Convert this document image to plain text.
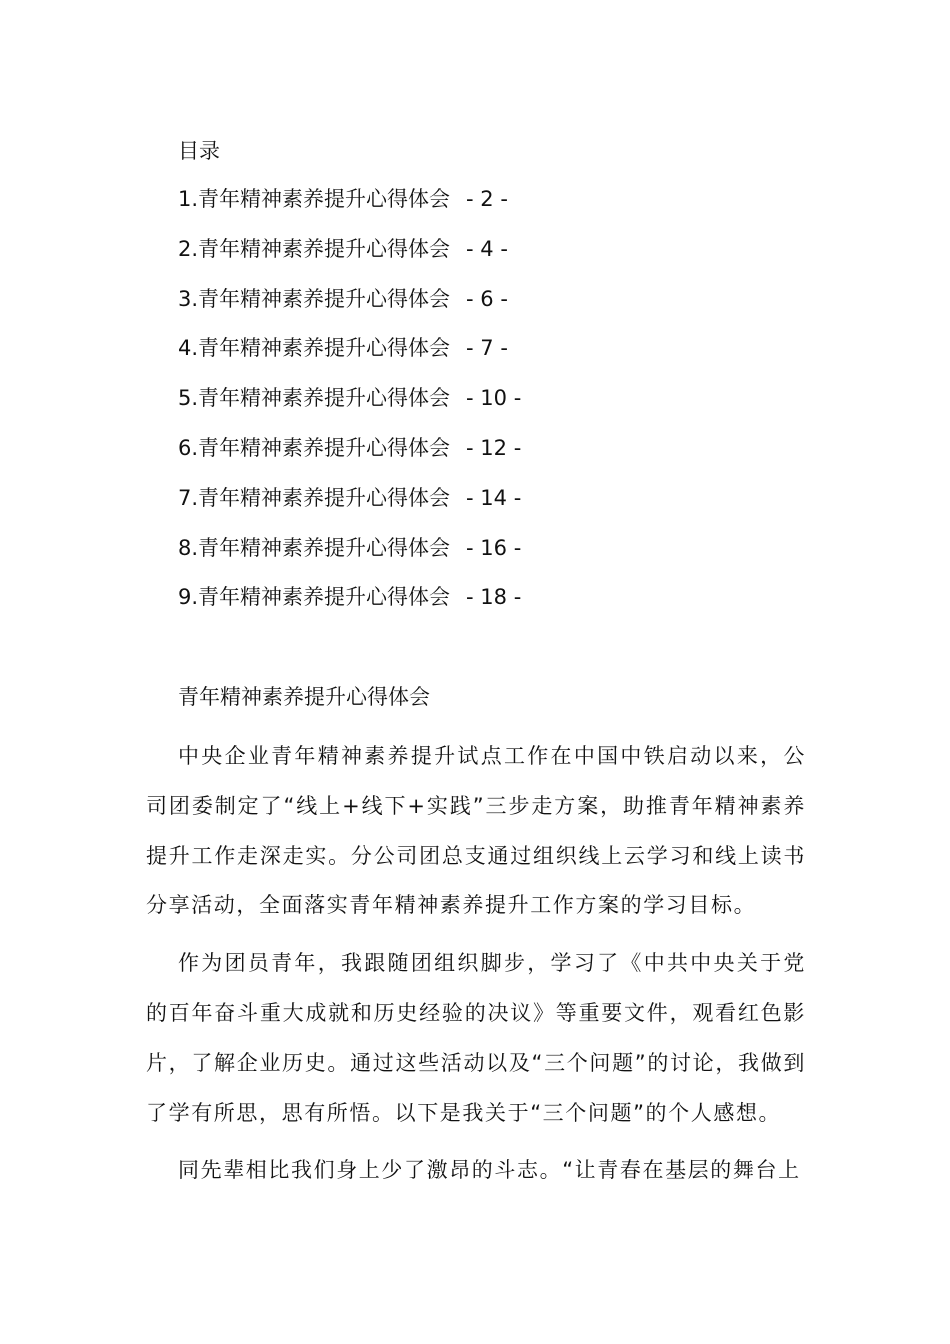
目录
1.青年精神素养提升心得体会 - 2 -
2.青年精神素养提升心得体会 - 4 -
3.青年精神素养提升心得体会 - 6 -
4.青年精神素养提升心得体会 - 7 -
5.青年精神素养提升心得体会 - 10 -
6.青年精神素养提升心得体会 - 12 -
7.青年精神素养提升心得体会 - 14 -
8.青年精神素养提升心得体会 - 16 -
9.青年精神素养提升心得体会 - 18 -
青年精神素养提升心得体会

中央企业青年精神素养提升试点工作在中国中铁启动以来，公司团委制定了“线上+线下+实践”三步走方案，助推青年精神素养提升工作走深走实。分公司团总支通过组织线上云学习和线上读书分享活动，全面落实青年精神素养提升工作方案的学习目标。

作为团员青年，我跟随团组织脚步，学习了《中共中央关于党的百年奋斗重大成就和历史经验的决议》等重要文件，观看红色影片，了解企业历史。通过这些活动以及“三个问题”的讨论，我做到了学有所思，思有所悟。以下是我关于“三个问题”的个人感想。

同先辈相比我们身上少了激昂的斗志。“让青春在基层的舞台上
